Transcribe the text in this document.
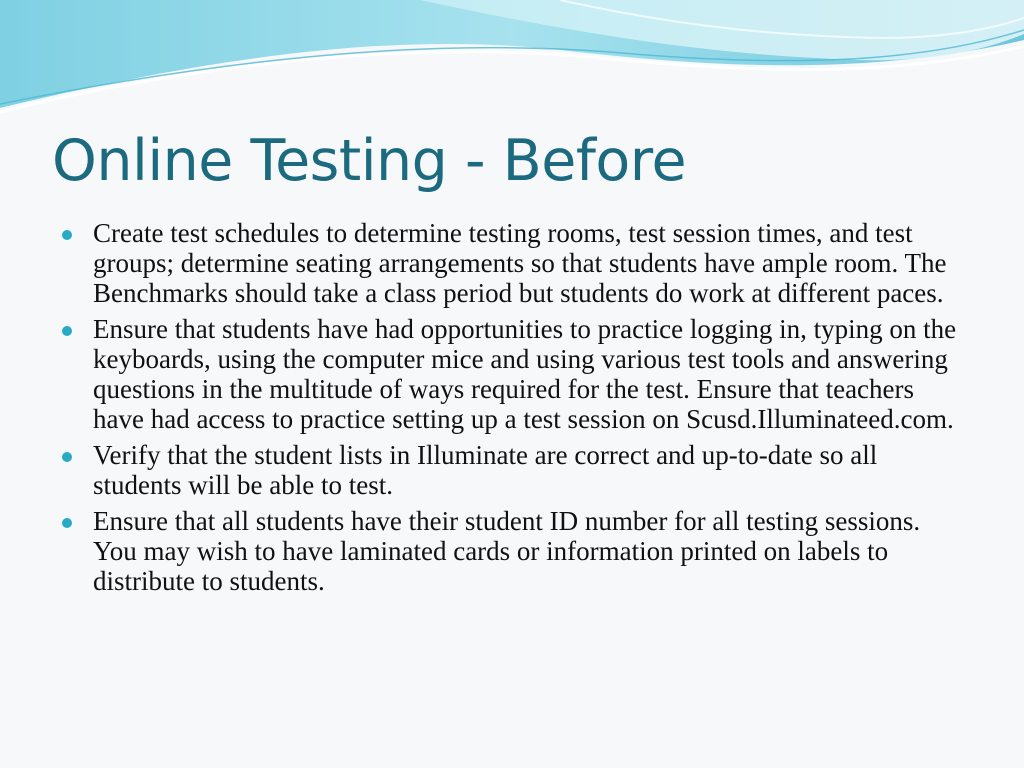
Online Testing - Before
Create test schedules to determine testing rooms, test session times, and test groups; determine seating arrangements so that students have ample room. The Benchmarks should take a class period but students do work at different paces.
Ensure that students have had opportunities to practice logging in, typing on the keyboards, using the computer mice and using various test tools and answering questions in the multitude of ways required for the test. Ensure that teachers have had access to practice setting up a test session on Scusd.Illuminateed.com.
Verify that the student lists in Illuminate are correct and up-to-date so all students will be able to test.
Ensure that all students have their student ID number for all testing sessions. You may wish to have laminated cards or information printed on labels to distribute to students.
